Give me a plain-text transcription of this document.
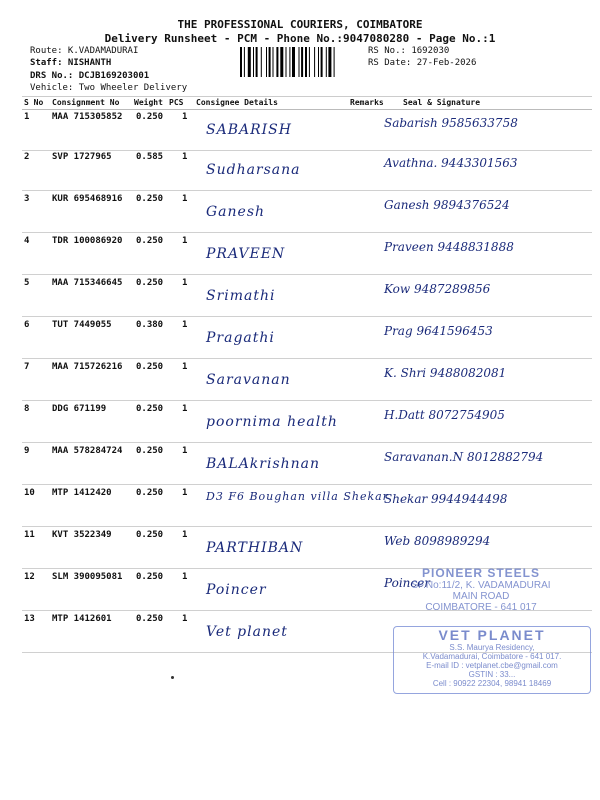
THE PROFESSIONAL COURIERS, COIMBATORE
Delivery Runsheet - PCM - Phone No.:9047080280 - Page No.:1
Route: K.VADAMADURAI
Staff: NISHANTH
DRS No.: DCJB169203001
Vehicle: Two Wheeler Delivery
RS No.: 1692030
RS Date: 27-Feb-2026
S No Consignment No Weight PCS Consignee Details	Remarks Seal & Signature
1	MAA 715305852 0.250 1
SABARISH	Sabarish 9585633758
2	SVP 1727965	0.585 1
Sudharsana	Avathna. 9443301563
3	KUR 695468916 0.250 1
Ganesh	Ganesh 9894376524
4	TDR 100086920 0.250 1
PRAVEEN	Praveen 9448831888
5	MAA 715346645 0.250 1
Srimathi	Kow 9487289856
6	TUT 7449055	0.380 1
Pragathi	Prag 9641596453
7	MAA 715726216 0.250 1
Saravanan	K. Shri 9488082081
8	DDG 671199	0.250 1
poornima health	H.Datt 8072754905
9	MAA 578284724 0.250 1
BALAkrishnan	Saravanan.N 8012882794
10 MTP 1412420	0.250 1 D3 F6 Boughan villa Shekar
Shekar 9944944498
11 KVT 3522349	0.250 1
PARTHIBAN	Web 8098989294
12 SLM 390095081 0.250 1
Poincer	Poincer
13 MTP 1412601	0.250 1
Vet planet
PIONEER STEELS
SF.No:11/2, K. VADAMADURAI
MAIN ROAD
COIMBATORE - 641 017
VET PLANET
S.S. Maurya Residency,
K.Vadamadurai, Coimbatore - 641 017.
E-mail ID : vetplanet.cbe@gmail.com
GSTIN : 33...
Cell : 90922 22304, 98941 18469
